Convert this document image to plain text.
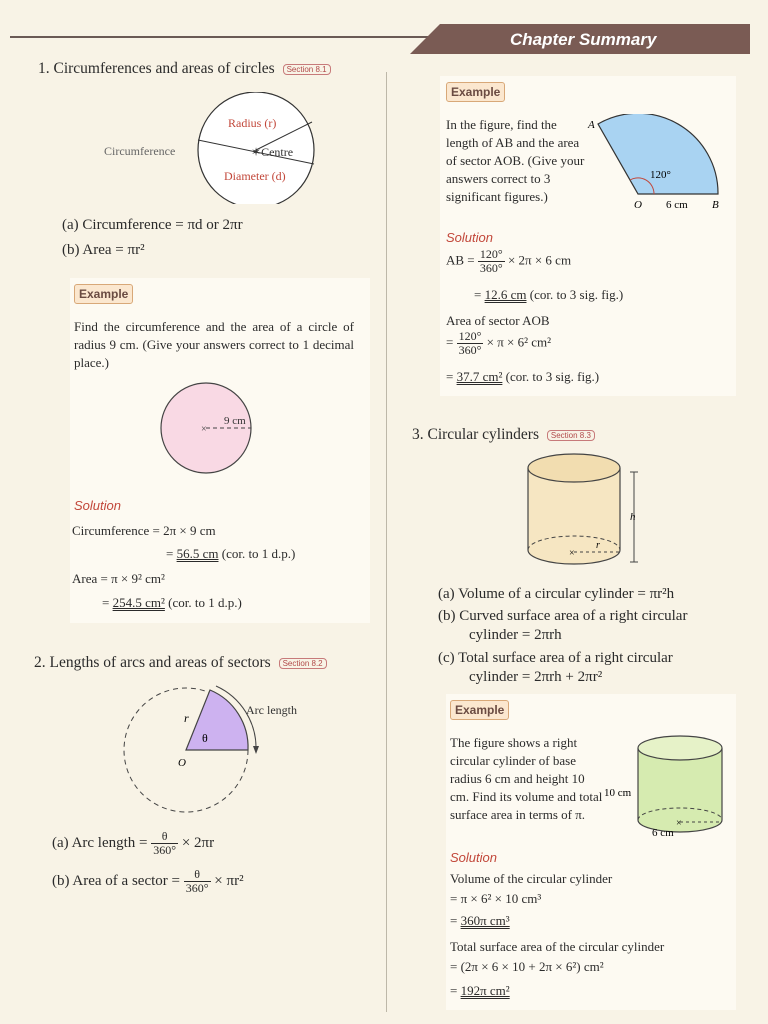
Chapter Summary
1. Circumferences and areas of circles Section 8.1
Circumference
Radius (r)
✶Centre
Diameter (d)
(a) Circumference = πd or 2πr
(b) Area = πr²
Example
Find the circumference and the area of a circle of radius 9 cm. (Give your answers correct to 1 decimal place.)
×
9 cm
Solution
Circumference = 2π × 9 cm
= 56.5 cm (cor. to 1 d.p.)
Area = π × 9² cm²
= 254.5 cm² (cor. to 1 d.p.)
2. Lengths of arcs and areas of sectors Section 8.2
Arc length
r
θ
O
(a) Arc length = $\frac{\theta}{360^\circ} \times 2\pi r$
(b) Area of a sector = $\frac{\theta}{360^\circ} \times \pi r^2$
Example
In the figure, find the length of AB and the area of sector AOB. (Give your answers correct to 3 significant figures.)
A
O	B
120°
6 cm
Solution
AB = $\frac{120^\circ}{360^\circ} \times 2\pi \times 6$ cm
= 12.6 cm (cor. to 3 sig. fig.)
Area of sector AOB
= $\frac{120^\circ}{360^\circ} \times \pi \times 6^2$ cm²
= 37.7 cm² (cor. to 3 sig. fig.)
3. Circular cylinders Section 8.3
×
r
h
(a) Volume of a circular cylinder = πr²h
(b) Curved surface area of a right circular
cylinder = 2πrh
(c) Total surface area of a right circular
cylinder = 2πrh + 2πr²
Example
The figure shows a right circular cylinder of base radius 6 cm and height 10 cm. Find its volume and total surface area in terms of π.
×
10 cm
6 cm
Solution
Volume of the circular cylinder
= π × 6² × 10 cm³
= 360π cm³
Total surface area of the circular cylinder
= (2π × 6 × 10 + 2π × 6²) cm²
= 192π cm²
